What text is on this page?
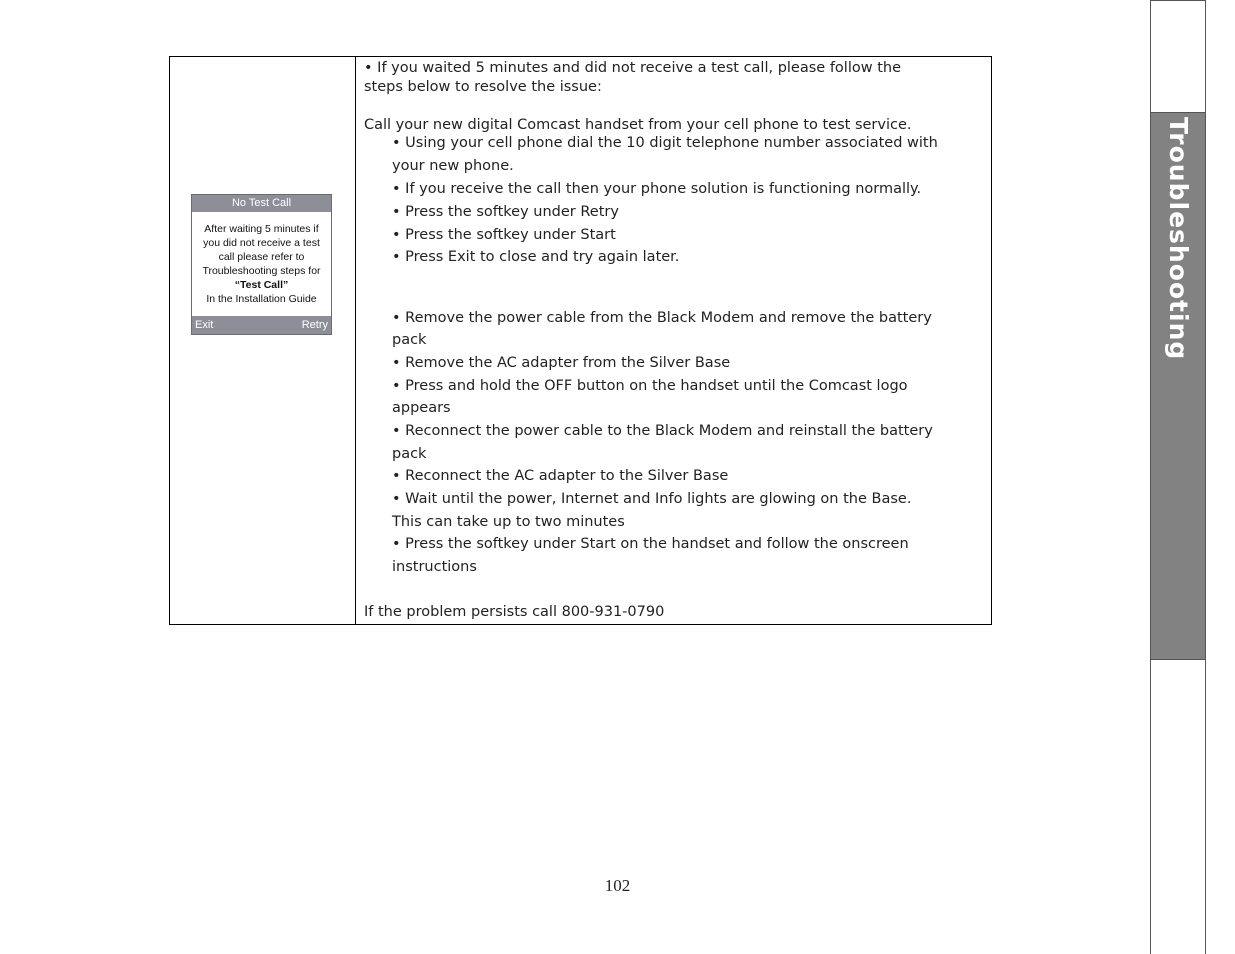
No Test Call
After waiting 5 minutes if
you did not receive a test
call please refer to
Troubleshooting steps for
“Test Call”
In the Installation Guide
Exit	Retry
• If you waited 5 minutes and did not receive a test call, please follow the
steps below to resolve the issue:
Call your new digital Comcast handset from your cell phone to test service.
• Using your cell phone dial the 10 digit telephone number associated with
your new phone.
• If you receive the call then your phone solution is functioning normally.
• Press the softkey under Retry
• Press the softkey under Start
• Press Exit to close and try again later.
• Remove the power cable from the Black Modem and remove the battery
pack
• Remove the AC adapter from the Silver Base
• Press and hold the OFF button on the handset until the Comcast logo
appears
• Reconnect the power cable to the Black Modem and reinstall the battery
pack
• Reconnect the AC adapter to the Silver Base
• Wait until the power, Internet and Info lights are glowing on the Base.
This can take up to two minutes
• Press the softkey under Start on the handset and follow the onscreen
instructions
If the problem persists call 800-931-0790
102
Troubleshooting
